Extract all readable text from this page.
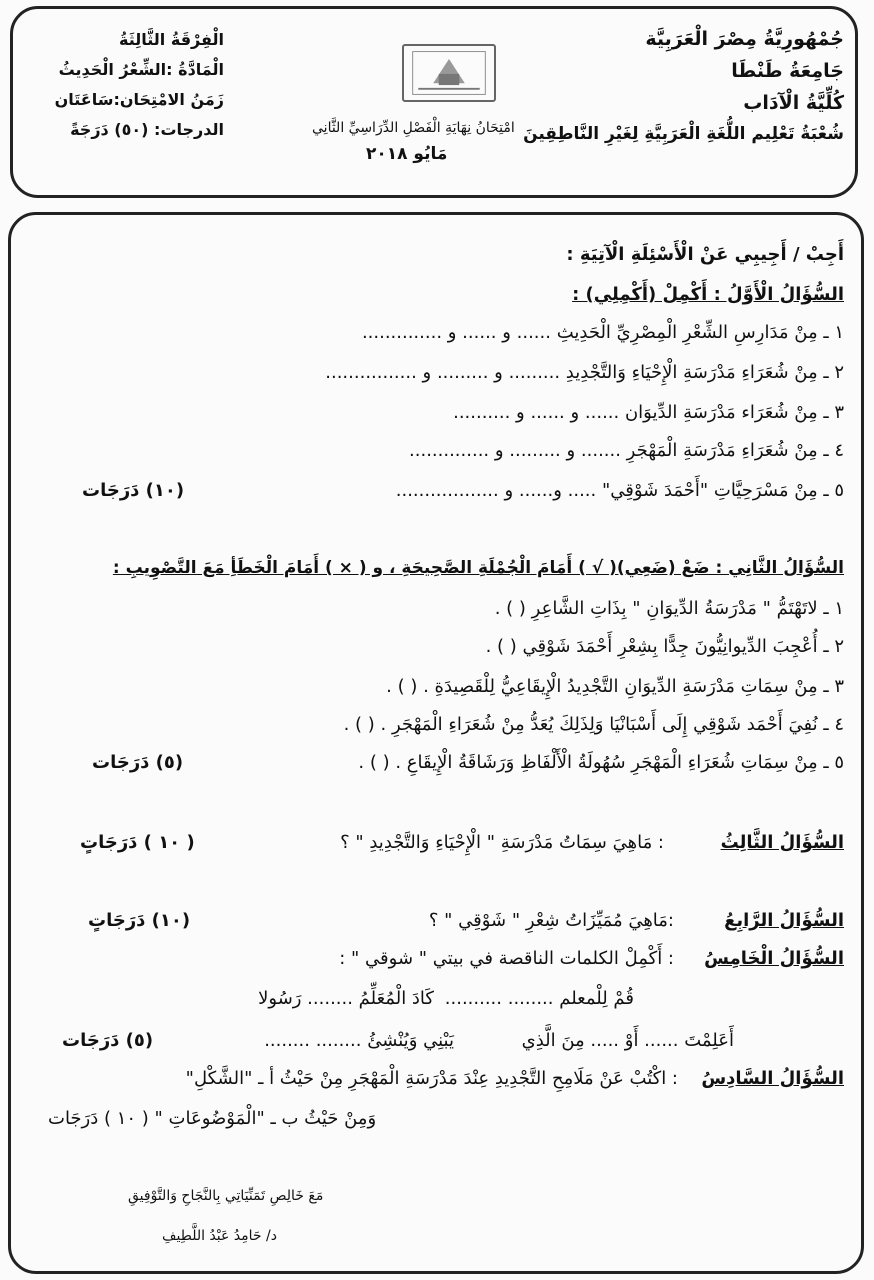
جُمْهُورِيَّةُ مِصْرَ الْعَرَبِيَّة
جَامِعَةُ طَنْطَا
كُلِّيَّةُ الْآدَاب
شُعْبَةُ تَعْلِيم اللُّغَةِ الْعَرَبِيَّةِ لِغَيْرِ النَّاطِقِينَ
الْفِرْقَةُ الثَّالِثَةُ
الْمَادَّةُ :الشِّعْرُ الْحَدِيثُ
زَمَنُ الامْتِحَان:سَاعَتَان
الدرجات: (٥٠) دَرَجَةً	امْتِحَانُ نِهَايَةِ الْفَصْلِ الدِّرَاسِيِّ الثَّانِي
مَايُو ٢٠١٨
أَجِبْ / أَجِيبِي عَنْ الْأَسْئِلَةِ الْآتِيَةِ :
السُّؤَالُ الْأَوَّلُ : أَكْمِلْ (أَكْمِلِي) :
١ ـ مِنْ مَدَارِسِ الشِّعْرِ الْمِصْرِيِّ الْحَدِيثِ ...... و ...... و ..............
٢ ـ مِنْ شُعَرَاءِ مَدْرَسَةِ الْإِحْيَاءِ وَالتَّجْدِيدِ ......... و ......... و ................
٣ ـ مِنْ شُعَرَاء مَدْرَسَةِ الدِّيوَان ...... و ...... و ..........
٤ ـ مِنْ شُعَرَاءِ مَدْرَسَةِ الْمَهْجَرِ ....... و ......... و ..............
٥ ـ مِنْ مَسْرَحِيَّاتِ "أَحْمَدَ شَوْقِي" ..... و...... و ..................
(١٠) دَرَجَات
السُّؤَالُ الثَّانِي : ضَعْ (ضَعِي)( √ ) أَمَامَ الْجُمْلَةِ الصَّحِيحَةِ ، و ( × ) أَمَامَ الْخَطَأِ مَعَ التَّصْوِيبِ :
١ ـ لاتَهْتَمُّ " مَدْرَسَةُ الدِّيوَانِ " بِذَاتِ الشَّاعِرِ ( ) .
٢ ـ أُعْجِبَ الدِّيوانِيُّونَ جِدًّا بِشِعْرِ أَحْمَدَ شَوْقِي ( ) .
٣ ـ مِنْ سِمَاتِ مَدْرَسَةِ الدِّيوَانِ التَّجْدِيدُ الْإِيقَاعِيُّ لِلْقَصِيدَةِ . ( ) .
٤ ـ نُفِيَ أَحْمَد شَوْقِي إِلَى أَسْبَانْيَا وَلِذَلِكَ يُعَدُّ مِنْ شُعَرَاءِ الْمَهْجَرِ . ( ) .
٥ ـ مِنْ سِمَاتِ شُعَرَاءِ الْمَهْجَرِ سُهُولَةُ الْأَلْفَاظِ وَرَشَاقَةُ الْإِيقَاعِ . ( ) .
(٥) دَرَجَات
السُّؤَالُ الثَّالِثُ
: مَاهِيَ سِمَاتُ مَدْرَسَةِ " الْإِحْيَاءِ وَالتَّجْدِيدِ " ؟
( ١٠ ) دَرَجَاتٍ
السُّؤَالُ الرَّابِعُ
:مَاهِيَ مُمَيِّزَاتُ شِعْرِ " شَوْقِي " ؟
(١٠) دَرَجَاتٍ
السُّؤَالُ الْخَامِسُ
: أَكْمِلْ الكلمات الناقصة في بيتي " شوقي " :
قُمْ لِلْمعلم ........ ..........
كَادَ الْمُعَلِّمُ ........ رَسُولا
أَعَلِمْتَ ...... أَوْ ..... مِنَ الَّذِي
يَبْنِي وَيُنْشِئُ ........ ........
(٥) دَرَجَات
السُّؤَالُ السَّادِسُ
: اكْتُبْ عَنْ مَلَامِحِ التَّجْدِيدِ عِنْدَ مَدْرَسَةِ الْمَهْجَرِ مِنْ حَيْثُ أ ـ "الشَّكْلِ"
وَمِنْ حَيْثُ ب ـ "الْمَوْضُوعَاتِ " ( ١٠ ) دَرَجَات
مَعَ خَالِصِ تَمَنِّيَاتِي بِالنَّجَاحِ وَالتَّوْفِيقِ
د/ حَامِدُ عَبْدُ اللَّطِيفِ
